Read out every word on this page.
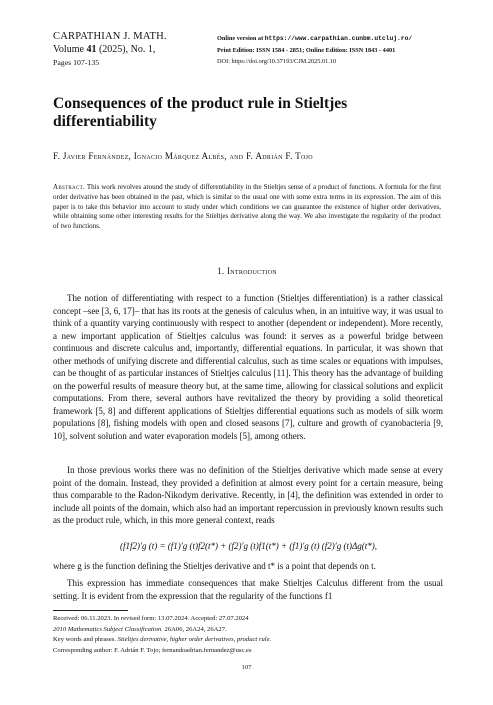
CARPATHIAN J. MATH.
Volume 41 (2025), No. 1,
Pages 107-135
Online version at https://www.carpathian.cunbm.utcluj.ro/
Print Edition: ISSN 1584 - 2851; Online Edition: ISSN 1843 - 4401
DOI: https://doi.org/10.37193/CJM.2025.01.10
Consequences of the product rule in Stieltjes differentiability
F. Javier Fernández, Ignacio Márquez Albés, and F. Adrián F. Tojo
Abstract. This work revolves around the study of differentiability in the Stieltjes sense of a product of functions. A formula for the first order derivative has been obtained in the past, which is similar to the usual one with some extra terms in its expression. The aim of this paper is to take this behavior into account to study under which conditions we can guarantee the existence of higher order derivatives, while obtaining some other interesting results for the Stieltjes derivative along the way. We also investigate the regularity of the product of two functions.
1. Introduction
The notion of differentiating with respect to a function (Stieltjes differentiation) is a rather classical concept –see [3, 6, 17]– that has its roots at the genesis of calculus when, in an intuitive way, it was usual to think of a quantity varying continuously with respect to another (dependent or independent). More recently, a new important application of Stieltjes calculus was found: it serves as a powerful bridge between continuous and discrete calculus and, importantly, differential equations. In particular, it was shown that other methods of unifying discrete and differential calculus, such as time scales or equations with impulses, can be thought of as particular instances of Stieltjes calculus [11]. This theory has the advantage of building on the powerful results of measure theory but, at the same time, allowing for classical solutions and explicit computations. From there, several authors have revitalized the theory by providing a solid theoretical framework [5, 8] and different applications of Stieltjes differential equations such as models of silk worm populations [8], fishing models with open and closed seasons [7], culture and growth of cyanobacteria [9, 10], solvent solution and water evaporation models [5], among others.
In those previous works there was no definition of the Stieltjes derivative which made sense at every point of the domain. Instead, they provided a definition at almost every point for a certain measure, being thus comparable to the Radon-Nikodym derivative. Recently, in [4], the definition was extended in order to include all points of the domain, which also had an important repercussion in previously known results such as the product rule, which, in this more general context, reads
(f1f2)′g (t) = (f1)′g (t)f2(t*) + (f2)′g (t)f1(t*) + (f1)′g (t) (f2)′g (t)Δg(t*),
where g is the function defining the Stieltjes derivative and t* is a point that depends on t.
This expression has immediate consequences that make Stieltjes Calculus different from the usual setting. It is evident from the expression that the regularity of the functions f1
Received: 06.11.2023. In revised form: 13.07.2024. Accepted: 27.07.2024
2010 Mathematics Subject Classification. 26A06, 26A24, 26A27.
Key words and phrases. Stieltjes derivative, higher order derivatives, product rule.
Corresponding author: F. Adrián F. Tojo; fernandoadrian.fernandez@usc.es
107
